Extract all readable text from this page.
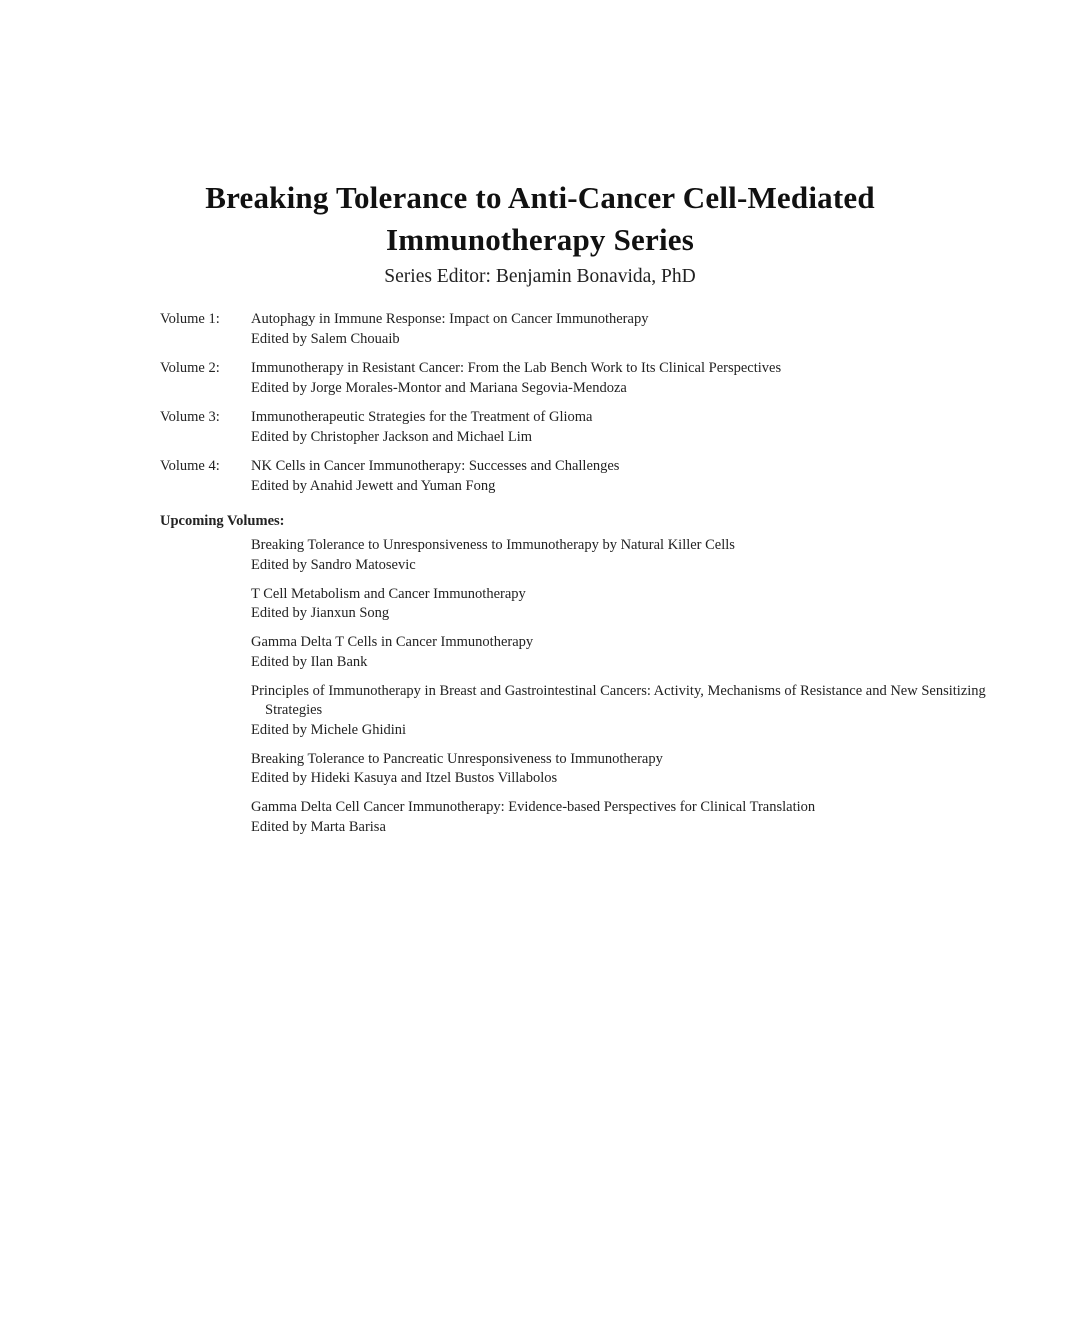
Breaking Tolerance to Anti-Cancer Cell-Mediated
Immunotherapy Series
Series Editor: Benjamin Bonavida, PhD
Volume 1: Autophagy in Immune Response: Impact on Cancer Immunotherapy
Edited by Salem Chouaib
Volume 2: Immunotherapy in Resistant Cancer: From the Lab Bench Work to Its Clinical Perspectives
Edited by Jorge Morales-Montor and Mariana Segovia-Mendoza
Volume 3: Immunotherapeutic Strategies for the Treatment of Glioma
Edited by Christopher Jackson and Michael Lim
Volume 4: NK Cells in Cancer Immunotherapy: Successes and Challenges
Edited by Anahid Jewett and Yuman Fong
Upcoming Volumes:
Breaking Tolerance to Unresponsiveness to Immunotherapy by Natural Killer Cells
Edited by Sandro Matosevic
T Cell Metabolism and Cancer Immunotherapy
Edited by Jianxun Song
Gamma Delta T Cells in Cancer Immunotherapy
Edited by Ilan Bank
Principles of Immunotherapy in Breast and Gastrointestinal Cancers: Activity, Mechanisms of Resistance and New Sensitizing Strategies
Edited by Michele Ghidini
Breaking Tolerance to Pancreatic Unresponsiveness to Immunotherapy
Edited by Hideki Kasuya and Itzel Bustos Villabolos
Gamma Delta Cell Cancer Immunotherapy: Evidence-based Perspectives for Clinical Translation
Edited by Marta Barisa
